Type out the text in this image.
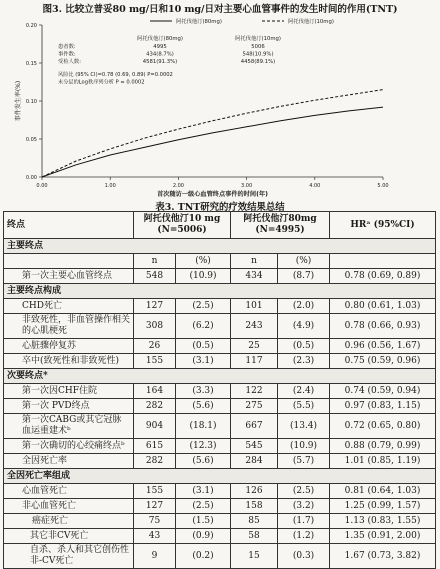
图3. 比较立普妥80 mg/日和10 mg/日对主要心血管事件的发生时间的作用(TNT)
0.00
0.05
0.10
0.15
0.20
0.00	1.00	2.00	3.00	4.00	5.00
首次随访一级心血管终点事件的时间(年)
事件发生率(%)
阿托伐他汀(80mg)	阿托伐他汀(10mg)
阿托伐他汀(80mg)	阿托伐他汀(10mg)
患者数:	4995	5006
事件数:	434(8.7%)	548(10.9%)
受检人数:	4581(91.3%)	4458(89.1%)
风险比 (95% CI)=0.78 (0.69, 0.89) P=0.0002
未分层的Log秩序列分析 P = 0.0002
表3. TNT研究的疗效结果总结
终点	阿托伐他汀10 mg (N=5006)		阿托伐他汀80mg (N=4995)		HRᵃ (95%CI)
主要终点					
	n	(%)	n	(%)	
第一次主要心血管终点	548	(10.9)	434	(8.7)	0.78 (0.69, 0.89)
主要终点构成					
CHD死亡	127	(2.5)	101	(2.0)	0.80 (0.61, 1.03)
非致死性，非血管操作相关的心肌梗死	308	(6.2)	243	(4.9)	0.78 (0.66, 0.93)
心脏骤停复苏	26	(0.5)	25	(0.5)	0.96 (0.56, 1.67)
卒中(致死性和非致死性)	155	(3.1)	117	(2.3)	0.75 (0.59, 0.96)
次要终点*					
第一次因CHF住院	164	(3.3)	122	(2.4)	0.74 (0.59, 0.94)
第一次 PVD终点	282	(5.6)	275	(5.5)	0.97 (0.83, 1.15)
第一次CABG或其它冠脉血运重建术ᵇ	904	(18.1)	667	(13.4)	0.72 (0.65, 0.80)
第一次确切的心绞痛终点ᵇ	615	(12.3)	545	(10.9)	0.88 (0.79, 0.99)
全因死亡率	282	(5.6)	284	(5.7)	1.01 (0.85, 1.19)
全因死亡率组成					
心血管死亡	155	(3.1)	126	(2.5)	0.81 (0.64, 1.03)
非心血管死亡	127	(2.5)	158	(3.2)	1.25 (0.99, 1.57)
癌症死亡	75	(1.5)	85	(1.7)	1.13 (0.83, 1.55)
其它非CV死亡	43	(0.9)	58	(1.2)	1.35 (0.91, 2.00)
自杀、杀人和其它创伤性非-CV死亡	9	(0.2)	15	(0.3)	1.67 (0.73, 3.82)
